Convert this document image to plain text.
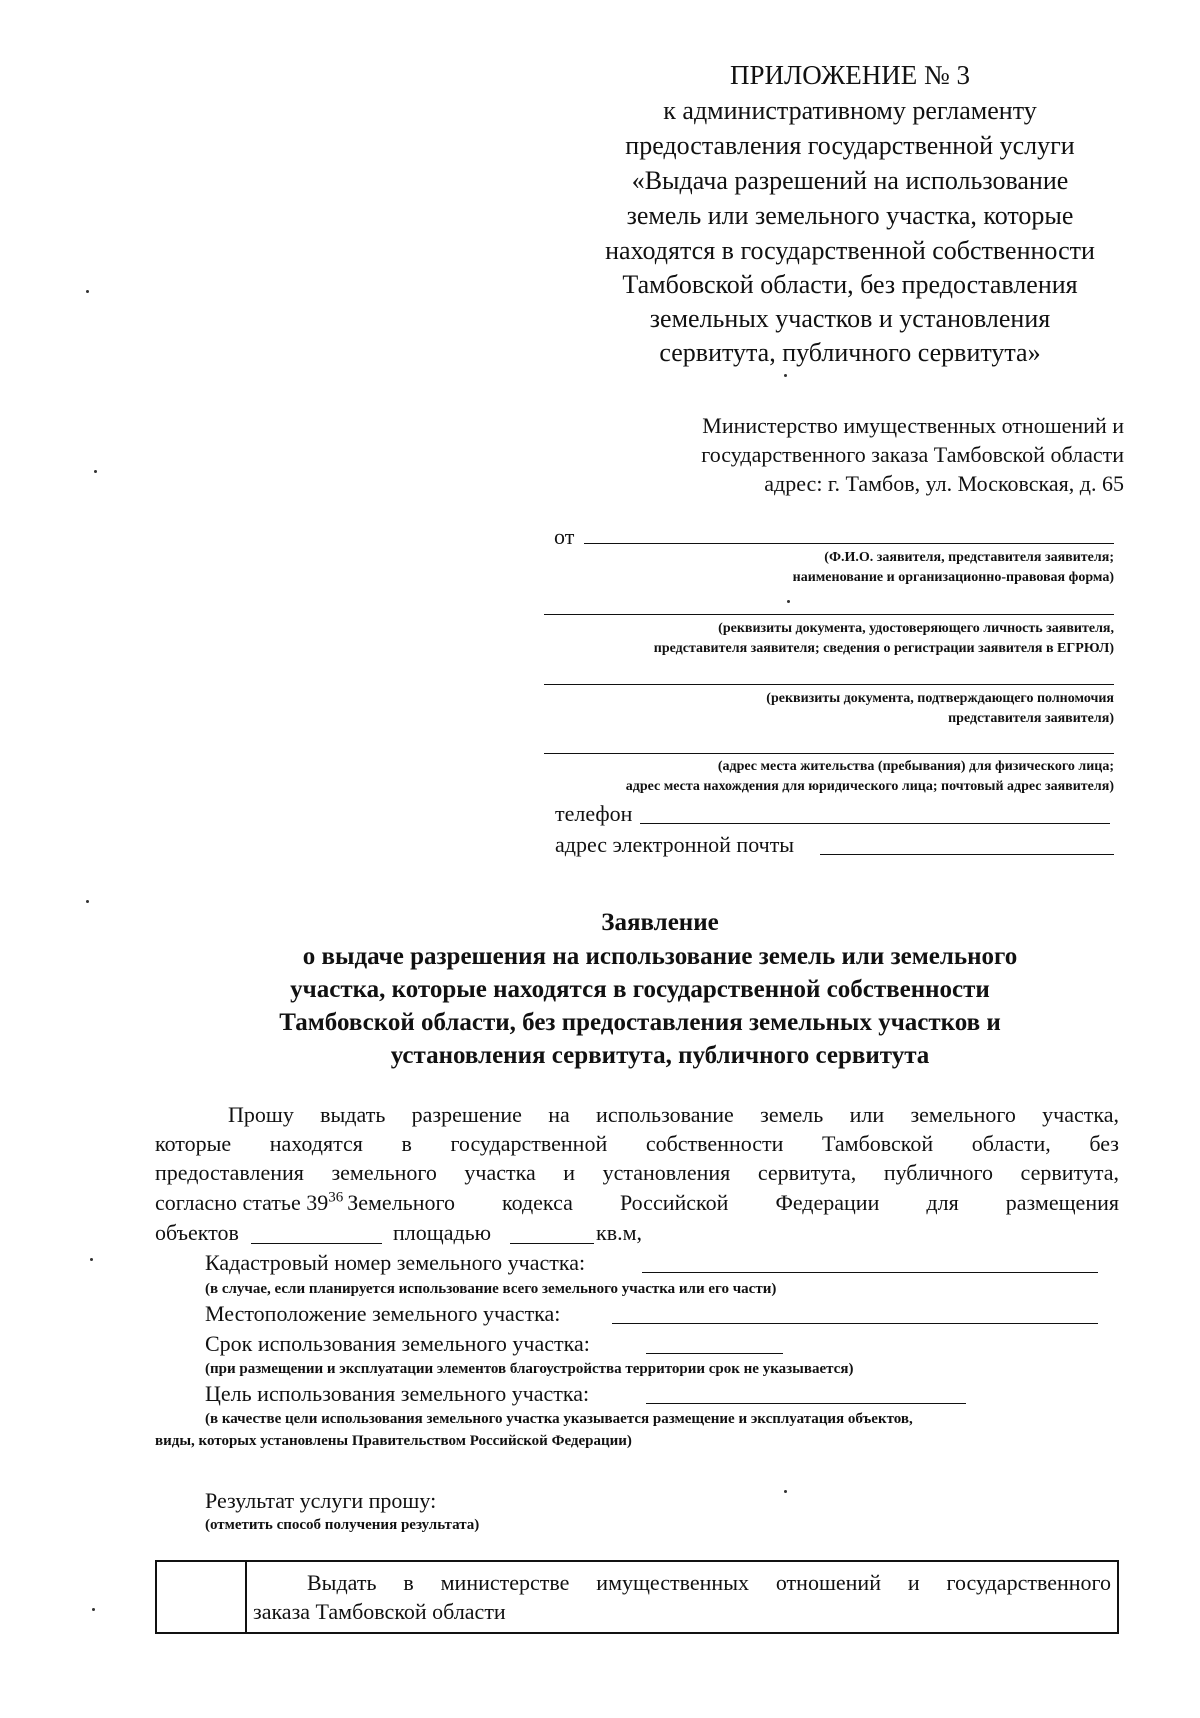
ПРИЛОЖЕНИЕ № 3
к административному регламенту
предоставления государственной услуги
«Выдача разрешений на использование
земель или земельного участка, которые
находятся в государственной собственности
Тамбовской области, без предоставления
земельных участков и установления
сервитута, публичного сервитута»
Министерство имущественных отношений и
государственного заказа Тамбовской области
адрес: г. Тамбов, ул. Московская, д. 65
от
(Ф.И.О. заявителя, представителя заявителя;
наименование и организационно-правовая форма)
(реквизиты документа, удостоверяющего личность заявителя,
представителя заявителя; сведения о регистрации заявителя в ЕГРЮЛ)
(реквизиты документа, подтверждающего полномочия
представителя заявителя)
(адрес места жительства (пребывания) для физического лица;
адрес места нахождения для юридического лица; почтовый адрес заявителя)
телефон
адрес электронной почты
Заявление
о выдаче разрешения на использование земель или земельного
участка, которые находятся в государственной собственности
Тамбовской области, без предоставления земельных участков и
установления сервитута, публичного сервитута
Прошу выдать разрешение на использование земель или земельного участка,
которые находятся в государственной собственности Тамбовской области, без
предоставления земельного участка и установления сервитута, публичного сервитута,
согласно статье $39^{36}$ Земельного кодекса Российской Федерации для размещения
объектов	площадью	кв.м,
Кадастровый номер земельного участка:
(в случае, если планируется использование всего земельного участка или его части)
Местоположение земельного участка:
Срок использования земельного участка:
(при размещении и эксплуатации элементов благоустройства территории срок не указывается)
Цель использования земельного участка:
(в качестве цели использования земельного участка указывается размещение и эксплуатация объектов,
виды, которых установлены Правительством Российской Федерации)
Результат услуги прошу:
(отметить способ получения результата)
Выдать в министерстве имущественных отношений и государственного
заказа Тамбовской области
